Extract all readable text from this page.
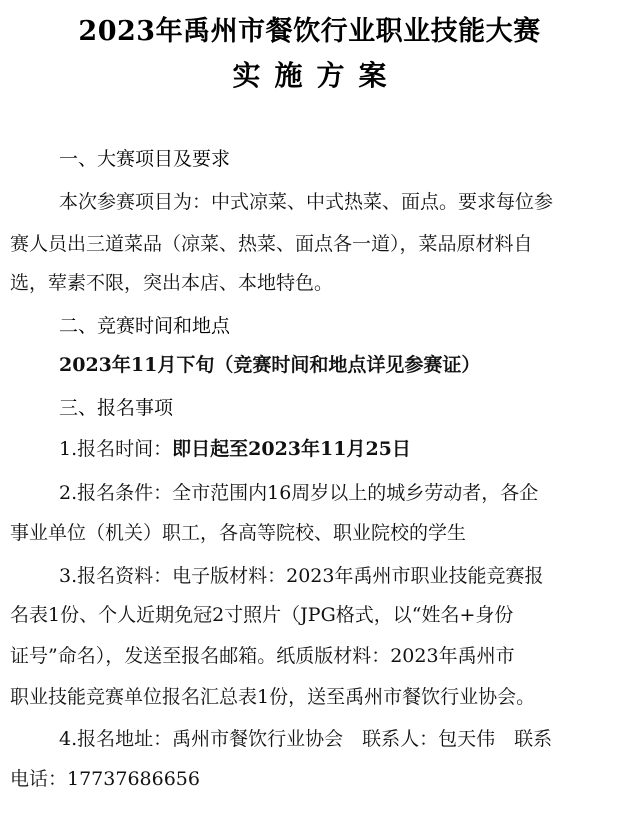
2023年禹州市餐饮行业职业技能大赛
实施方案
一、大赛项目及要求
本次参赛项目为：中式凉菜、中式热菜、面点。要求每位参
赛人员出三道菜品（凉菜、热菜、面点各一道），菜品原材料自
选，荤素不限，突出本店、本地特色。
二、竞赛时间和地点
2023年11月下旬（竞赛时间和地点详见参赛证）
三、报名事项
1.报名时间：即日起至2023年11月25日
2.报名条件：全市范围内16周岁以上的城乡劳动者，各企
事业单位（机关）职工，各高等院校、职业院校的学生
3.报名资料：电子版材料：2023年禹州市职业技能竞赛报
名表1份、个人近期免冠2寸照片（JPG格式，以“姓名+身份
证号”命名），发送至报名邮箱。纸质版材料：2023年禹州市
职业技能竞赛单位报名汇总表1份，送至禹州市餐饮行业协会。
4.报名地址：禹州市餐饮行业协会　联系人：包天伟　联系
电话：17737686656
